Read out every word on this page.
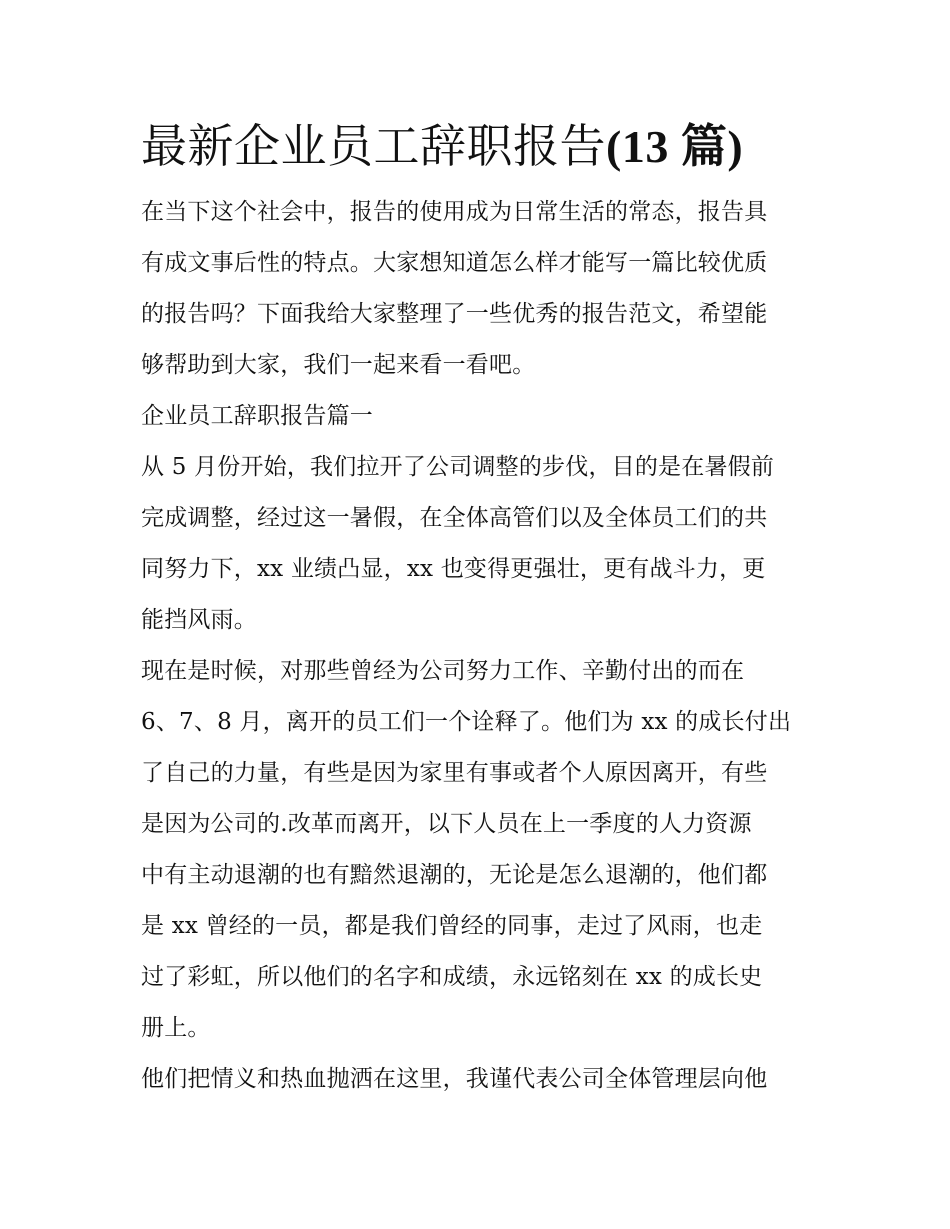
最新企业员工辞职报告(13 篇)

在当下这个社会中，报告的使用成为日常生活的常态，报告具
有成文事后性的特点。大家想知道怎么样才能写一篇比较优质
的报告吗？下面我给大家整理了一些优秀的报告范文，希望能
够帮助到大家，我们一起来看一看吧。

企业员工辞职报告篇一

从 5 月份开始，我们拉开了公司调整的步伐，目的是在暑假前
完成调整，经过这一暑假，在全体高管们以及全体员工们的共
同努力下，xx 业绩凸显，xx 也变得更强壮，更有战斗力，更
能挡风雨。

现在是时候，对那些曾经为公司努力工作、辛勤付出的而在
6、7、8 月，离开的员工们一个诠释了。他们为 xx 的成长付出
了自己的力量，有些是因为家里有事或者个人原因离开，有些
是因为公司的.改革而离开，以下人员在上一季度的人力资源
中有主动退潮的也有黯然退潮的，无论是怎么退潮的，他们都
是 xx 曾经的一员，都是我们曾经的同事，走过了风雨，也走
过了彩虹，所以他们的名字和成绩，永远铭刻在 xx 的成长史
册上。

他们把情义和热血抛洒在这里，我谨代表公司全体管理层向他
